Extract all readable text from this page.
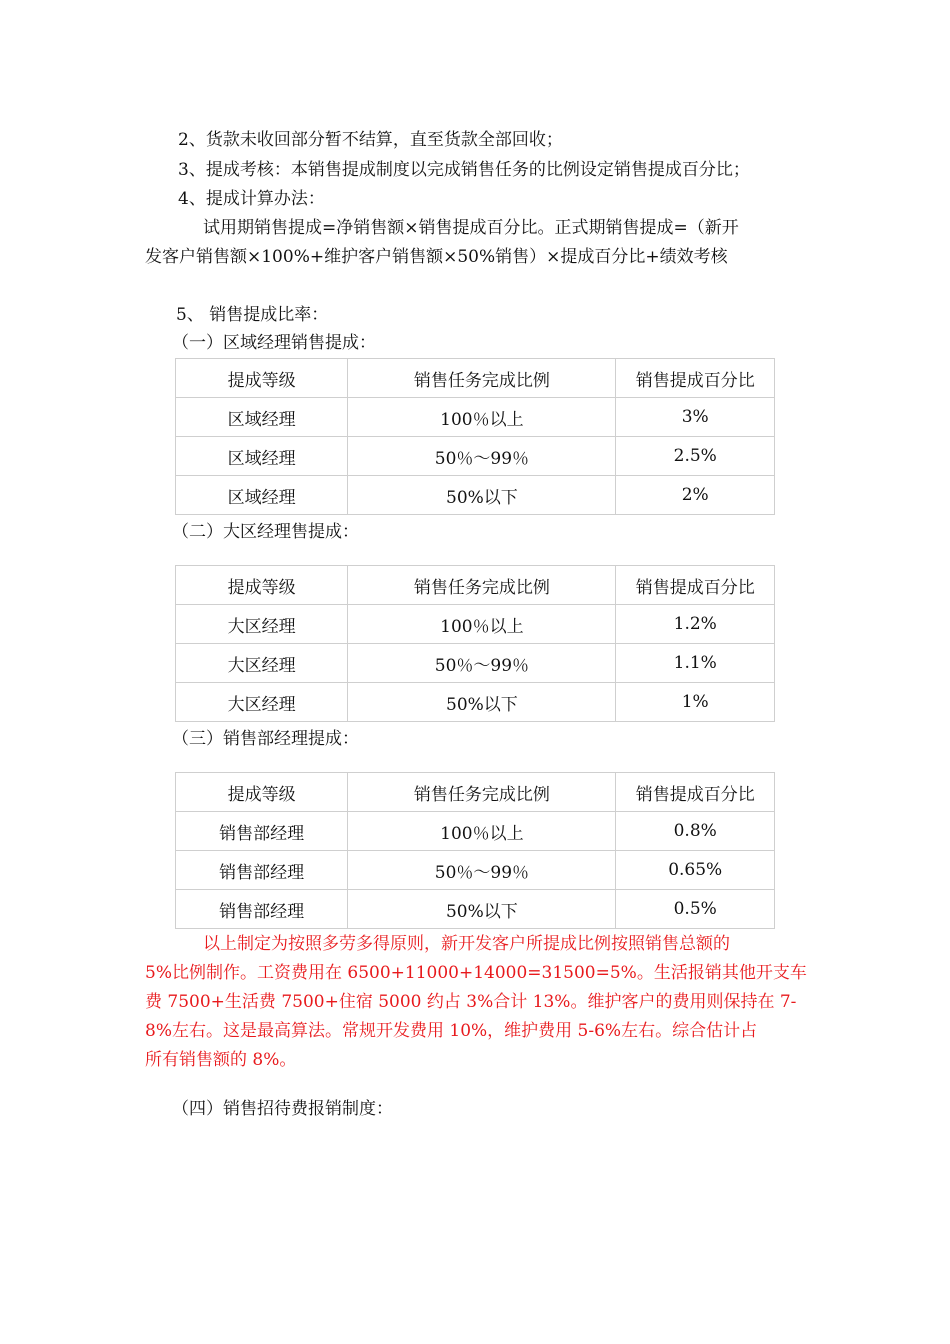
2、货款未收回部分暂不结算，直至货款全部回收；
3、提成考核：本销售提成制度以完成销售任务的比例设定销售提成百分比；
4、提成计算办法：
试用期销售提成=净销售额×销售提成百分比。正式期销售提成=（新开
发客户销售额×100%+维护客户销售额×50%销售）×提成百分比+绩效考核
5、 销售提成比率：
（一）区域经理销售提成：
提成等级	销售任务完成比例	销售提成百分比
区域经理	100％以上	3%
区域经理	50％～99％	2.5%
区域经理	50%以下	2%
（二）大区经理售提成：
提成等级	销售任务完成比例	销售提成百分比
大区经理	100％以上	1.2%
大区经理	50％～99％	1.1%
大区经理	50%以下	1%
（三）销售部经理提成：
提成等级	销售任务完成比例	销售提成百分比
销售部经理	100％以上	0.8%
销售部经理	50％～99％	0.65%
销售部经理	50%以下	0.5%
以上制定为按照多劳多得原则，新开发客户所提成比例按照销售总额的
5%比例制作。工资费用在 6500+11000+14000=31500=5%。生活报销其他开支车
费 7500+生活费 7500+住宿 5000 约占 3%合计 13%。维护客户的费用则保持在 7-
8%左右。这是最高算法。常规开发费用 10%，维护费用 5-6%左右。综合估计占
所有销售额的 8%。
（四）销售招待费报销制度：
